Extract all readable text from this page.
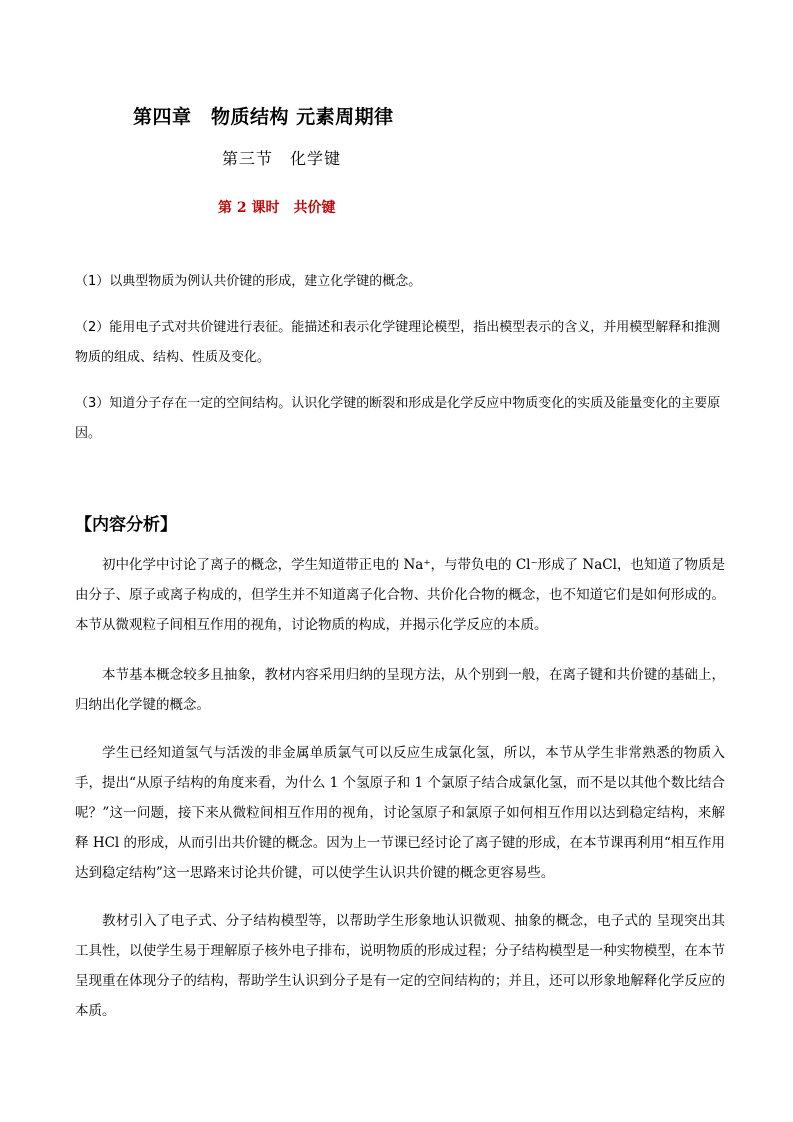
第四章　物质结构 元素周期律
第三节　化学键
第 2 课时　共价键
（1）以典型物质为例认共价键的形成，建立化学键的概念。
（2）能用电子式对共价键进行表征。能描述和表示化学键理论模型，指出模型表示的含义，并用模型解释和推测物质的组成、结构、性质及变化。
（3）知道分子存在一定的空间结构。认识化学键的断裂和形成是化学反应中物质变化的实质及能量变化的主要原因。
【内容分析】
初中化学中讨论了离子的概念，学生知道带正电的 Na⁺，与带负电的 Cl⁻形成了 NaCl，也知道了物质是由分子、原子或离子构成的，但学生并不知道离子化合物、共价化合物的概念，也不知道它们是如何形成的。本节从微观粒子间相互作用的视角，讨论物质的构成，并揭示化学反应的本质。
本节基本概念较多且抽象，教材内容采用归纳的呈现方法，从个别到一般，在离子键和共价键的基础上，归纳出化学键的概念。
学生已经知道氢气与活泼的非金属单质氯气可以反应生成氯化氢，所以，本节从学生非常熟悉的物质入手，提出“从原子结构的角度来看，为什么 1 个氢原子和 1 个氯原子结合成氯化氢，而不是以其他个数比结合呢？”这一问题，接下来从微粒间相互作用的视角，讨论氢原子和氯原子如何相互作用以达到稳定结构，来解释 HCl 的形成，从而引出共价键的概念。因为上一节课已经讨论了离子键的形成，在本节课再利用“相互作用达到稳定结构”这一思路来讨论共价键，可以使学生认识共价键的概念更容易些。
教材引入了电子式、分子结构模型等，以帮助学生形象地认识微观、抽象的概念，电子式的 呈现突出其工具性，以使学生易于理解原子核外电子排布，说明物质的形成过程；分子结构模型是一种实物模型，在本节呈现重在体现分子的结构，帮助学生认识到分子是有一定的空间结构的；并且，还可以形象地解释化学反应的本质。
